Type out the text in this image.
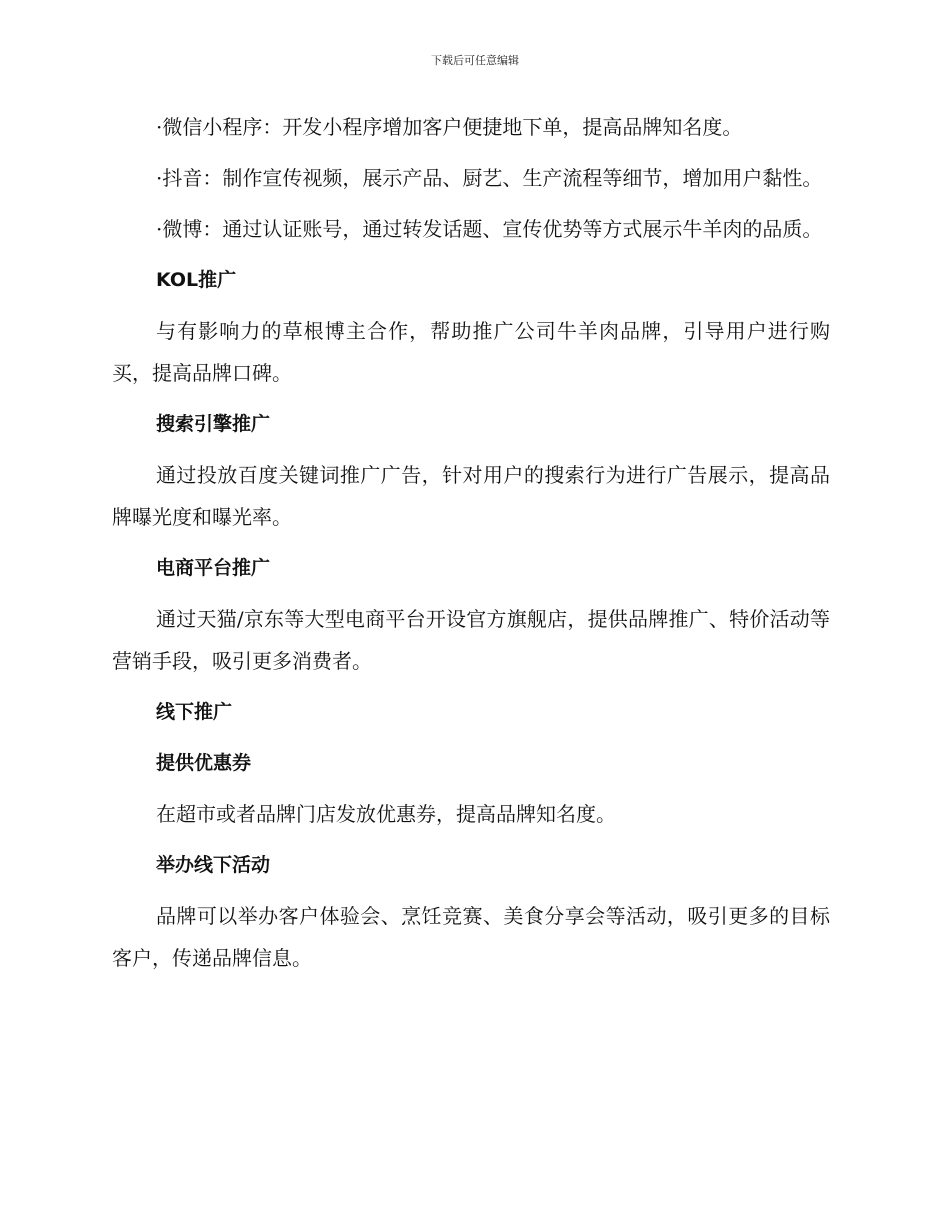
下载后可任意编辑

·微信小程序：开发小程序增加客户便捷地下单，提高品牌知名度。

·抖音：制作宣传视频，展示产品、厨艺、生产流程等细节，增加用户黏性。

·微博：通过认证账号，通过转发话题、宣传优势等方式展示牛羊肉的品质。

KOL推广

与有影响力的草根博主合作，帮助推广公司牛羊肉品牌，引导用户进行购买，提高品牌口碑。

搜索引擎推广

通过投放百度关键词推广广告，针对用户的搜索行为进行广告展示，提高品牌曝光度和曝光率。

电商平台推广

通过天猫/京东等大型电商平台开设官方旗舰店，提供品牌推广、特价活动等营销手段，吸引更多消费者。

线下推广

提供优惠券

在超市或者品牌门店发放优惠券，提高品牌知名度。

举办线下活动

品牌可以举办客户体验会、烹饪竞赛、美食分享会等活动，吸引更多的目标客户，传递品牌信息。
